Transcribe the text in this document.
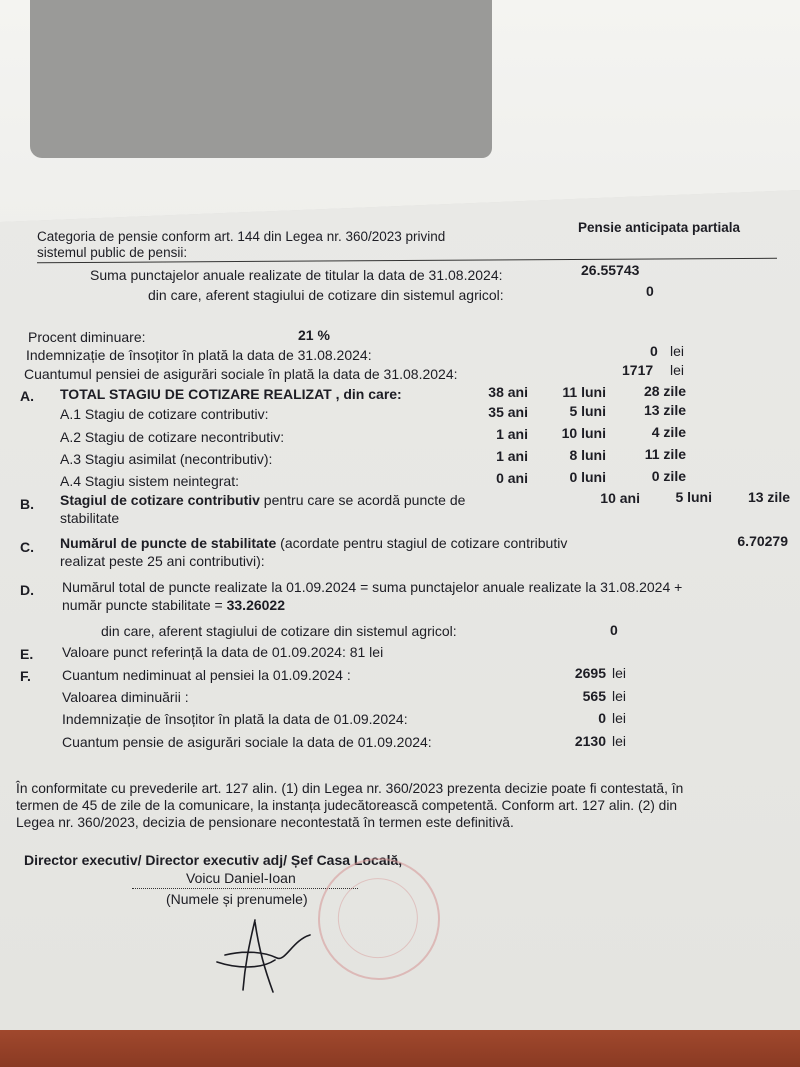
Categoria de pensie conform art. 144 din Legea nr. 360/2023 privind
sistemul public de pensii:
Pensie anticipata partiala
Suma punctajelor anuale realizate de titular la data de 31.08.2024:	26.55743
din care, aferent stagiului de cotizare din sistemul agricol:	0
Procent diminuare:	21 %
Indemnizație de însoțitor în plată la data de 31.08.2024:	0 lei
Cuantumul pensiei de asigurări sociale în plată la data de 31.08.2024:	1717 lei
A. TOTAL STAGIU DE COTIZARE REALIZAT , din care:	38 ani	11 luni	28 zile
A.1 Stagiu de cotizare contributiv:	35 ani	5 luni	13 zile
A.2 Stagiu de cotizare necontributiv:	1 ani	10 luni	4 zile
A.3 Stagiu asimilat (necontributiv):	1 ani	8 luni	11 zile
A.4 Stagiu sistem neintegrat:	0 ani	0 luni	0 zile
B. Stagiul de cotizare contributiv pentru care se acordă puncte de
stabilitate
10 ani	5 luni	13 zile
C. Numărul de puncte de stabilitate (acordate pentru stagiul de cotizare contributiv
realizat peste 25 ani contributivi):
6.70279
D. Numărul total de puncte realizate la 01.09.2024 = suma punctajelor anuale realizate la 31.08.2024 +
număr puncte stabilitate = 33.26022
din care, aferent stagiului de cotizare din sistemul agricol:	0
E. Valoare punct referință la data de 01.09.2024: 81 lei
F. Cuantum nediminuat al pensiei la 01.09.2024 :	2695 lei
Valoarea diminuării :	565 lei
Indemnizație de însoțitor în plată la data de 01.09.2024:	0 lei
Cuantum pensie de asigurări sociale la data de 01.09.2024:	2130 lei
În conformitate cu prevederile art. 127 alin. (1) din Legea nr. 360/2023 prezenta decizie poate fi contestată, în
termen de 45 de zile de la comunicare, la instanța judecătorească competentă. Conform art. 127 alin. (2) din
Legea nr. 360/2023, decizia de pensionare necontestată în termen este definitivă.
Director executiv/ Director executiv adj/ Șef Casa Locală,
Voicu Daniel-Ioan
(Numele și prenumele)
